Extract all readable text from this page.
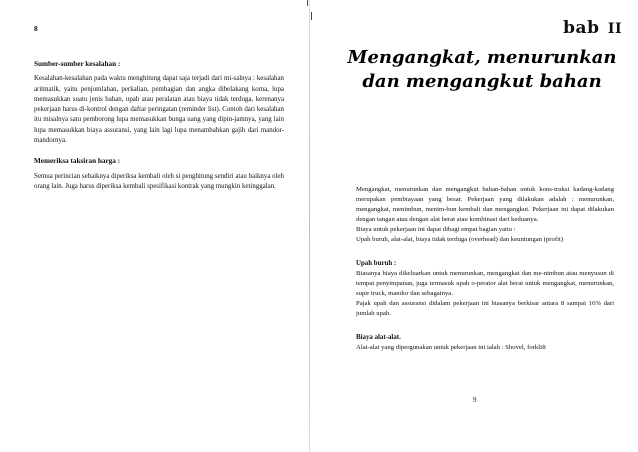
8

Sumber-sumber kesalahan :

Kesalahan-kesalahan pada waktu menghitung dapat saja terjadi dari mi-salnya : kesalahan aritmatik, yaitu penjumlahan, perkalian, pembagian dan angka dibelakang koma, lupa memasukkan suatu jenis bahan, upah atau peralatan atau biaya tidak terduga, kerenanya pekerjaan harus di-kontrol dengan daftar peringatan (reminder list). Contoh dari kesalahan itu misalnya satu pemborong lupa memasukkan bunga uang yang dipin-jamnya, yang lain lupa memasukkan biaya assuransi, yang lain lagi lupa menambahkan gajih dari mandor-mandornya.

Memeriksa taksiran harga :

Semua perincian sebaiknya diperiksa kembali oleh si penghitung sendiri atau baiknya oleh orang lain. Juga harus diperiksa kembali spesifikasi kontrak yang mungkin ketinggalan.

bab II
Mengangkat, menurunkan
dan mengangkut bahan

Mengangkat, menurunkan dan mengangkut bahan-bahan untuk kons-truksi kadang-kadang merupakan pembiayaan yang besar. Pekerjaan yang dilakukan adalah : menurunkan, mengangkat, menimbun, menim-bun kembali dan mengangkut. Pekerjaan ini dapat dilakukan dengan tangan atau dengan alat berat atau kombinasi dari keduanya.

Biaya untuk pekerjaan ini dapat dibagi empat bagian yaitu :

Upah buruh, alat-alat, biaya tidak terduga (overhead) dan keuntungan (profit)

Upah buruh :

Biasanya biaya dikeluarkan untuk menurunkan, mengangkat dan me-nimbun atau menyusun di tempat penyimpanan, juga termasuk upah o-perator alat berat untuk mengangkat, menurunkan, supir truck, mandor dan sebagainya.

Pajak upah dan assuransi didalam pekerjaan ini biasanya berkisar antara 8 sampai 16% dari jumlah upah.

Biaya alat-alat.

Alat-alat yang dipergunakan untuk pekerjaan ini ialah : Shovel, forklift

9
